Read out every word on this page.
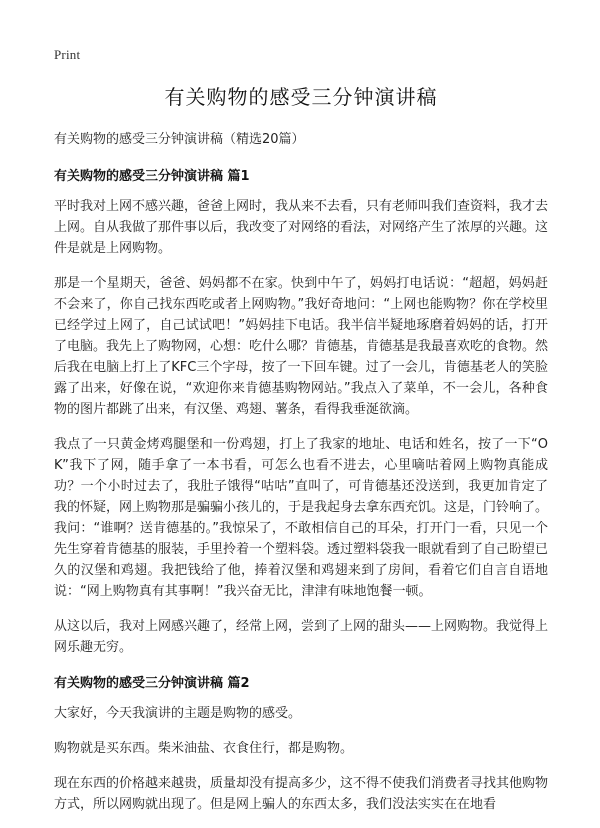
Print
有关购物的感受三分钟演讲稿

有关购物的感受三分钟演讲稿（精选20篇）

有关购物的感受三分钟演讲稿 篇1

平时我对上网不感兴趣，爸爸上网时，我从来不去看，只有老师叫我们查资料，我才去上网。自从我做了那件事以后，我改变了对网络的看法，对网络产生了浓厚的兴趣。这件是就是上网购物。

那是一个星期天，爸爸、妈妈都不在家。快到中午了，妈妈打电话说：“超超，妈妈赶不会来了，你自己找东西吃或者上网购物。”我好奇地问：“上网也能购物？你在学校里已经学过上网了，自己试试吧！”妈妈挂下电话。我半信半疑地琢磨着妈妈的话，打开了电脑。我先上了购物网，心想：吃什么哪？肯德基，肯德基是我最喜欢吃的食物。然后我在电脑上打上了KFC三个字母，按了一下回车键。过了一会儿，肯德基老人的笑脸露了出来，好像在说，“欢迎你来肯德基购物网站。”我点入了菜单，不一会儿，各种食物的图片都跳了出来，有汉堡、鸡翅、薯条，看得我垂涎欲滴。

我点了一只黄金烤鸡腿堡和一份鸡翅，打上了我家的地址、电话和姓名，按了一下“OK”我下了网，随手拿了一本书看，可怎么也看不进去，心里嘀咕着网上购物真能成功？一个小时过去了，我肚子饿得“咕咕”直叫了，可肯德基还没送到，我更加肯定了我的怀疑，网上购物那是骗骗小孩儿的，于是我起身去拿东西充饥。这是，门铃响了。我问：“谁啊？送肯德基的。”我惊呆了，不敢相信自己的耳朵，打开门一看，只见一个先生穿着肯德基的服装，手里拎着一个塑料袋。透过塑料袋我一眼就看到了自己盼望已久的汉堡和鸡翅。我把钱给了他，捧着汉堡和鸡翅来到了房间，看着它们自言自语地说：“网上购物真有其事啊！”我兴奋无比，津津有味地饱餐一顿。

从这以后，我对上网感兴趣了，经常上网，尝到了上网的甜头——上网购物。我觉得上网乐趣无穷。

有关购物的感受三分钟演讲稿 篇2

大家好，今天我演讲的主题是购物的感受。

购物就是买东西。柴米油盐、衣食住行，都是购物。

现在东西的价格越来越贵，质量却没有提高多少，这不得不使我们消费者寻找其他购物方式，所以网购就出现了。但是网上骗人的东西太多，我们没法实实在在地看
